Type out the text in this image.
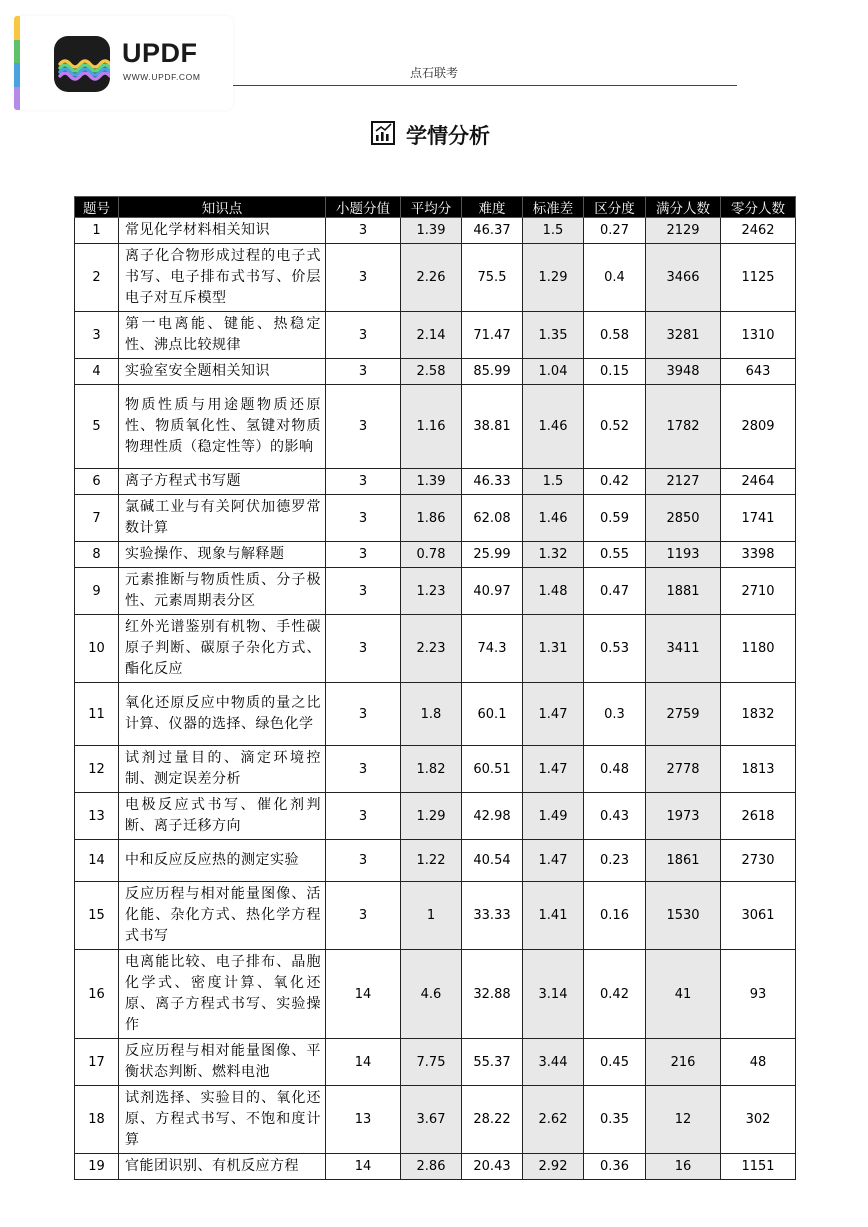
UPDF
WWW.UPDF.COM	点石联考
学情分析
题号	知识点	小题分值	平均分	难度	标准差	区分度	满分人数	零分人数
1	常见化学材料相关知识	3	1.39	46.37	1.5	0.27	2129	2462
2	离子化合物形成过程的电子式书写、电子排布式书写、价层电子对互斥模型	3	2.26	75.5	1.29	0.4	3466	1125
3	第一电离能、键能、热稳定性、沸点比较规律	3	2.14	71.47	1.35	0.58	3281	1310
4	实验室安全题相关知识	3	2.58	85.99	1.04	0.15	3948	643
5	物质性质与用途题物质还原性、物质氧化性、氢键对物质物理性质（稳定性等）的影响	3	1.16	38.81	1.46	0.52	1782	2809
6	离子方程式书写题	3	1.39	46.33	1.5	0.42	2127	2464
7	氯碱工业与有关阿伏加德罗常数计算	3	1.86	62.08	1.46	0.59	2850	1741
8	实验操作、现象与解释题	3	0.78	25.99	1.32	0.55	1193	3398
9	元素推断与物质性质、分子极性、元素周期表分区	3	1.23	40.97	1.48	0.47	1881	2710
10	红外光谱鉴别有机物、手性碳原子判断、碳原子杂化方式、酯化反应	3	2.23	74.3	1.31	0.53	3411	1180
11	氧化还原反应中物质的量之比计算、仪器的选择、绿色化学	3	1.8	60.1	1.47	0.3	2759	1832
12	试剂过量目的、滴定环境控制、测定误差分析	3	1.82	60.51	1.47	0.48	2778	1813
13	电极反应式书写、催化剂判断、离子迁移方向	3	1.29	42.98	1.49	0.43	1973	2618
14	中和反应反应热的测定实验	3	1.22	40.54	1.47	0.23	1861	2730
15	反应历程与相对能量图像、活化能、杂化方式、热化学方程式书写	3	1	33.33	1.41	0.16	1530	3061
16	电离能比较、电子排布、晶胞化学式、密度计算、氧化还原、离子方程式书写、实验操作	14	4.6	32.88	3.14	0.42	41	93
17	反应历程与相对能量图像、平衡状态判断、燃料电池	14	7.75	55.37	3.44	0.45	216	48
18	试剂选择、实验目的、氧化还原、方程式书写、不饱和度计算	13	3.67	28.22	2.62	0.35	12	302
19	官能团识别、有机反应方程	14	2.86	20.43	2.92	0.36	16	1151
